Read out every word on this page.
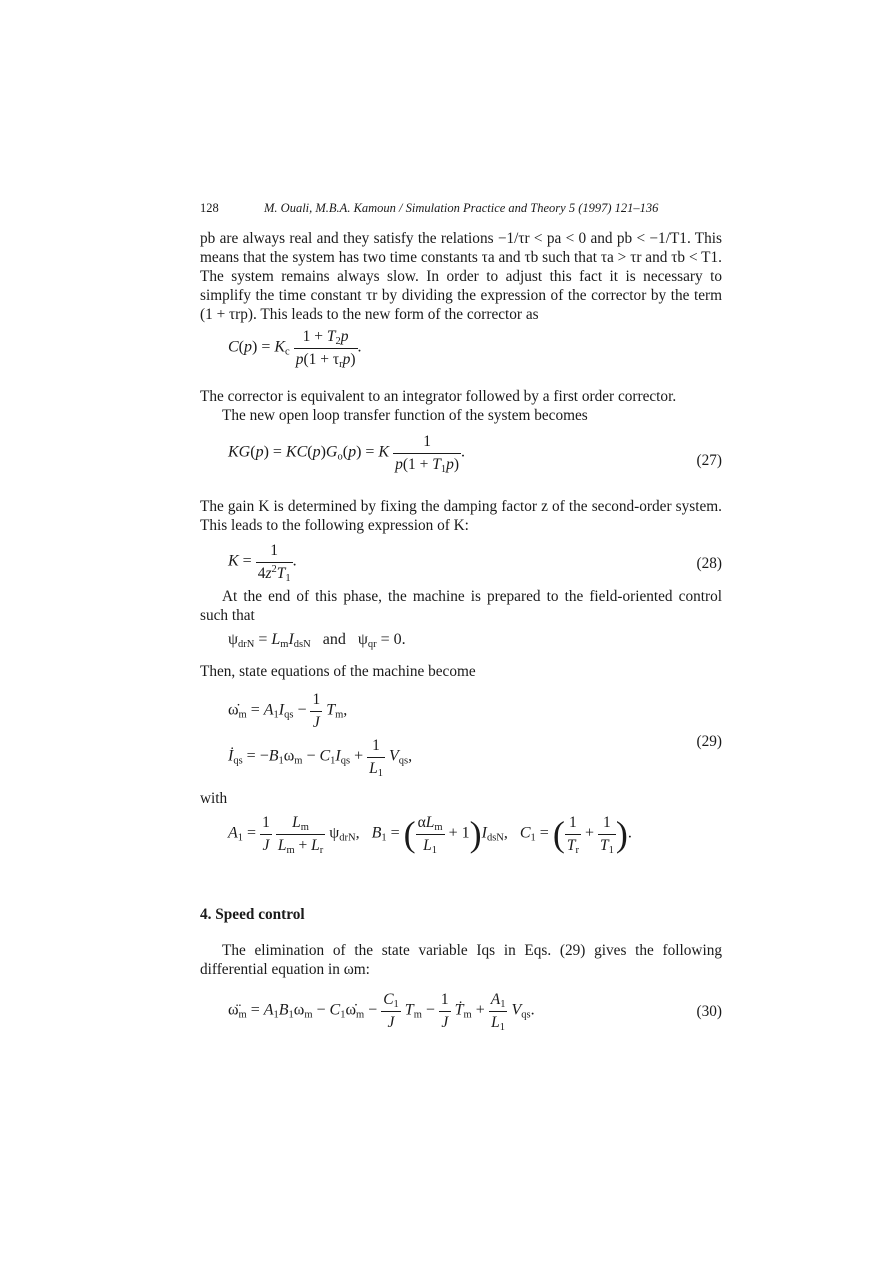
128	M. Ouali, M.B.A. Kamoun / Simulation Practice and Theory 5 (1997) 121–136
pb are always real and they satisfy the relations −1/τr < pa < 0 and pb < −1/T1. This means that the system has two time constants τa and τb such that τa > τr and τb < T1. The system remains always slow. In order to adjust this fact it is necessary to simplify the time constant τr by dividing the expression of the corrector by the term (1 + τrp). This leads to the new form of the corrector as
$C(p) = K_c \frac{1 + T_2p}{p(1 + \tau_rp)}$ .
The corrector is equivalent to an integrator followed by a first order corrector.
The new open loop transfer function of the system becomes
$KG(p) = KC(p)G_o(p) = K \frac{1}{p(1 + T_1p)}$ .	(27)
The gain K is determined by fixing the damping factor z of the second-order system. This leads to the following expression of K:
$K = \frac{1}{4z^2T_1}$ .	(28)
At the end of this phase, the machine is prepared to the field-oriented control such that
$\psi_{drN} = L_mI_{dsN}$   and   $\psi_{qr} = 0$.
Then, state equations of the machine become
$\omegȧ_m = A_1I_{qs} - \frac{1}{J} T_m$,
$İ_{qs} = -B_1\omega_m - C_1I_{qs} + \frac{1}{L_1} V_{qs}$,
(29)
with
$A_1 = \frac{1}{J}$
$\frac{L_m}{L_m + L_r} \psi_{drN}$,   $B_1$ = ( $\frac{\alpha L_m}{L_1} + 1)I_{dsN}$,   $C_1$ = ( $\frac{1}{T_r} + \frac{1}{T_1}$ ).
4. Speed control
The elimination of the state variable Iqs in Eqs. (29) gives the following differential equation in ωm:
$\omegä_m = A_1B_1\omega_m$ − $C_1\omegȧ_m - \frac{C_1}{J} T_m - \frac{1}{J}$ Ṫ$_m$ + $\frac{A_1}{L_1} V_{qs}$.	(30)
